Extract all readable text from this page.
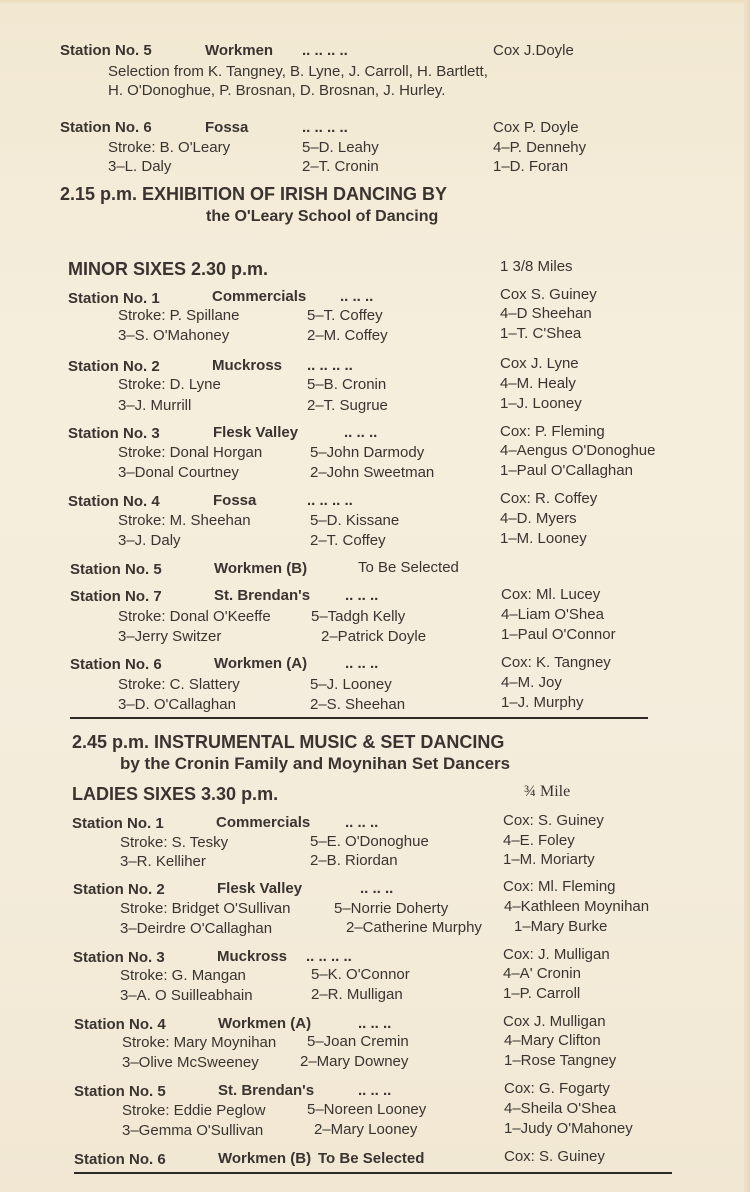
Station No. 5	Workmen .. .. .. ..	Cox J.Doyle
Selection from K. Tangney, B. Lyne, J. Carroll, H. Bartlett,
H. O'Donoghue, P. Brosnan, D. Brosnan, J. Hurley.
Station No. 6	Fossa	.. .. .. ..	Cox P. Doyle
Stroke: B. O'Leary	5–D. Leahy	4–P. Dennehy
3–L. Daly	2–T. Cronin	1–D. Foran
2.15 p.m. EXHIBITION OF IRISH DANCING BY
the O'Leary School of Dancing
MINOR SIXES 2.30 p.m.	1 3/8 Miles
Station No. 1	Commercials .. .. ..	Cox S. Guiney
Stroke: P. Spillane	5–T. Coffey	4–D Sheehan
3–S. O'Mahoney	2–M. Coffey	1–T. C'Shea
Station No. 2	Muckross .. .. .. ..	Cox J. Lyne
Stroke: D. Lyne	5–B. Cronin	4–M. Healy
3–J. Murrill	2–T. Sugrue	1–J. Looney
Station No. 3	Flesk Valley	.. .. ..	Cox: P. Fleming
Stroke: Donal Horgan	5–John Darmody	4–Aengus O'Donoghue
3–Donal Courtney	2–John Sweetman	1–Paul O'Callaghan
Station No. 4	Fossa	.. .. .. ..	Cox: R. Coffey
Stroke: M. Sheehan	5–D. Kissane	4–D. Myers
3–J. Daly	2–T. Coffey	1–M. Looney
Station No. 5	Workmen (B)	To Be Selected
Station No. 7	St. Brendan's .. .. ..	Cox: Ml. Lucey
Stroke: Donal O'Keeffe	5–Tadgh Kelly	4–Liam O'Shea
3–Jerry Switzer	2–Patrick Doyle	1–Paul O'Connor
Station No. 6	Workmen (A)	.. .. ..	Cox: K. Tangney
Stroke: C. Slattery	5–J. Looney	4–M. Joy
3–D. O'Callaghan	2–S. Sheehan	1–J. Murphy
2.45 p.m. INSTRUMENTAL MUSIC & SET DANCING
by the Cronin Family and Moynihan Set Dancers
LADIES SIXES 3.30 p.m.	¾ Mile
Station No. 1	Commercials .. .. ..	Cox: S. Guiney
Stroke: S. Tesky	5–E. O'Donoghue	4–E. Foley
3–R. Kelliher	2–B. Riordan	1–M. Moriarty
Station No. 2	Flesk Valley	.. .. ..	Cox: Ml. Fleming
Stroke: Bridget O'Sullivan	5–Norrie Doherty	4–Kathleen Moynihan
3–Deirdre O'Callaghan	2–Catherine Murphy 1–Mary Burke
Station No. 3	Muckross .. .. .. ..	Cox: J. Mulligan
Stroke: G. Mangan	5–K. O'Connor	4–A' Cronin
3–A. O Suilleabhain	2–R. Mulligan	1–P. Carroll
Station No. 4	Workmen (A)	.. .. ..	Cox J. Mulligan
Stroke: Mary Moynihan 5–Joan Cremin	4–Mary Clifton
3–Olive McSweeney	2–Mary Downey	1–Rose Tangney
Station No. 5	St. Brendan's	.. .. ..	Cox: G. Fogarty
Stroke: Eddie Peglow	5–Noreen Looney	4–Sheila O'Shea
3–Gemma O'Sullivan	2–Mary Looney	1–Judy O'Mahoney
Station No. 6	Workmen (B) To Be Selected	Cox: S. Guiney
